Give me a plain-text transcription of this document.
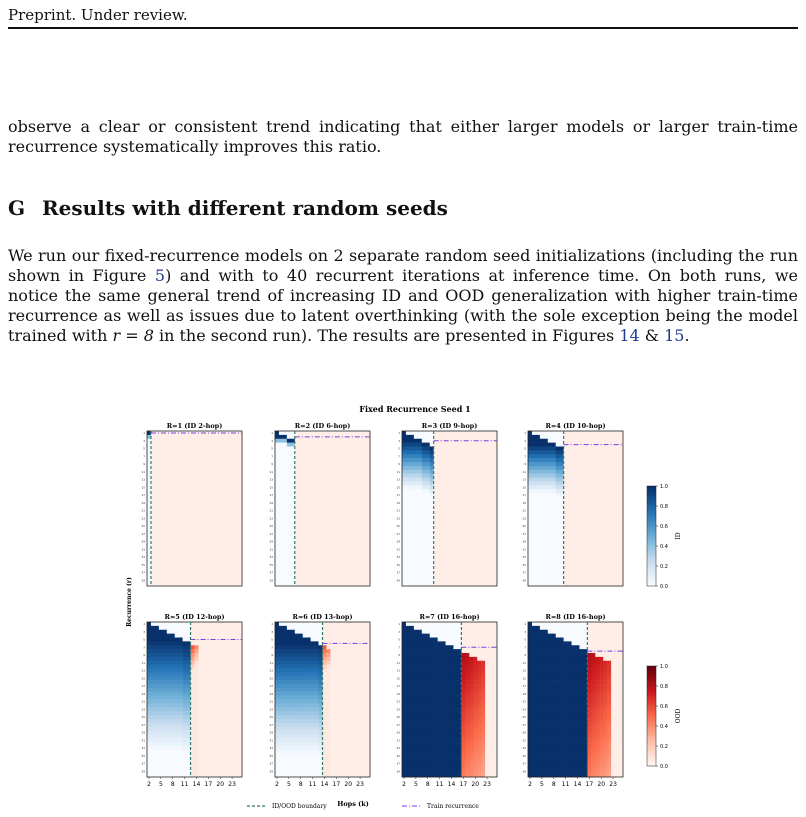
Preprint. Under review.

observe a clear or consistent trend indicating that either larger models or larger train-time recurrence systematically improves this ratio.

G Results with different random seeds

We run our fixed-recurrence models on 2 separate random seed initializations (including the run shown in Figure 5) and with to 40 recurrent iterations at inference time. On both runs, we notice the same general trend of increasing ID and OOD generalization with higher train-time recurrence as well as issues due to latent overthinking (with the sole exception being the model trained with r = 8 in the second run). The results are presented in Figures 14 & 15.

Fixed Recurrence Seed 1
R=1 (ID 2-hop)
1
3
5
7
9
11
13
15
17
19
21
23
25
27
29
31
33
35
37
39
R=2 (ID 6-hop)
1
3
5
7
9
11
13
15
17
19
21
23
25
27
29
31
33
35
37
39
R=3 (ID 9-hop)
1
3
5
7
9
11
13
15
17
19
21
23
25
27
29
31
33
35
37
39
R=4 (ID 10-hop)
1
3
5
7
9
11
13
15
17
19
21
23
25
27
29
31
33
35
37
39
R=5 (ID 12-hop)
1
3
5
7
9
11
13
15
17
19
21
23
25
27
29
31
33
35
37
39
2 5 8 11 14 17 20 23
R=6 (ID 13-hop)
1
3
5
7
9
11
13
15
17
19
21
23
25
27
29
31
33
35
37
39
2 5 8 11 14 17 20 23
R=7 (ID 16-hop)
1
3
5
7
9
11
13
15
17
19
21
23
25
27
29
31
33
35
37
39
2 5 8 11 14 17 20 23
R=8 (ID 16-hop)
1
3
5
7
9
11
13
15
17
19
21
23
25
27
29
31
33
35
37
39
2 5 8 11 14 17 20 23
Recurrence (r)
1.0
0.8
0.6
0.4
0.2
0.0
ID
1.0
0.8
0.6
0.4
0.2
0.0
OOD
Hops (k)
ID/OOD boundary	Train recurrence
